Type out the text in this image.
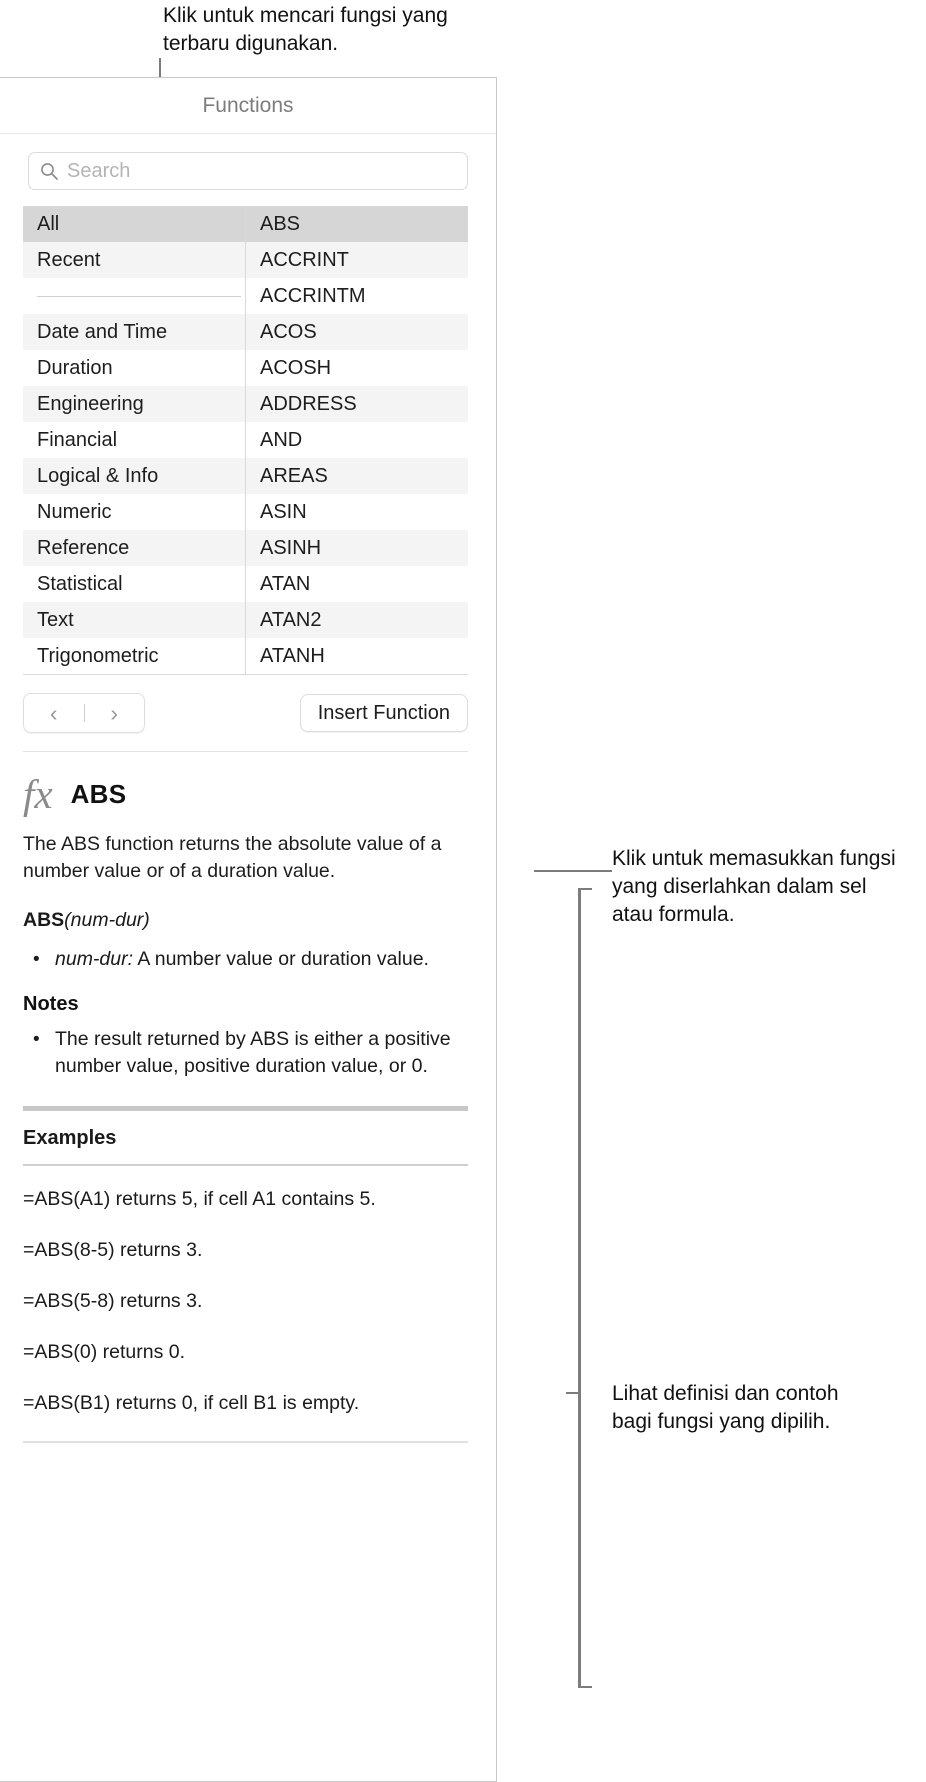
Klik untuk mencari fungsi yang terbaru digunakan.
Klik untuk memasukkan fungsi yang diserlahkan dalam sel atau formula.
Lihat definisi dan contoh bagi fungsi yang dipilih.
Functions
Search
All
Recent
Date and Time
Duration
Engineering
Financial
Logical & Info
Numeric
Reference
Statistical
Text
Trigonometric
ABS
ACCRINT
ACCRINTM
ACOS
ACOSH
ADDRESS
AND
AREAS
ASIN
ASINH
ATAN
ATAN2
ATANH
‹	›	Insert Function
fx ABS

The ABS function returns the absolute value of a number value or of a duration value.

ABS(num-dur)

• num-dur: A number value or duration value.
Notes
• The result returned by ABS is either a positive number value, positive duration value, or 0.
Examples
=ABS(A1) returns 5, if cell A1 contains 5.
=ABS(8-5) returns 3.
=ABS(5-8) returns 3.
=ABS(0) returns 0.
=ABS(B1) returns 0, if cell B1 is empty.
